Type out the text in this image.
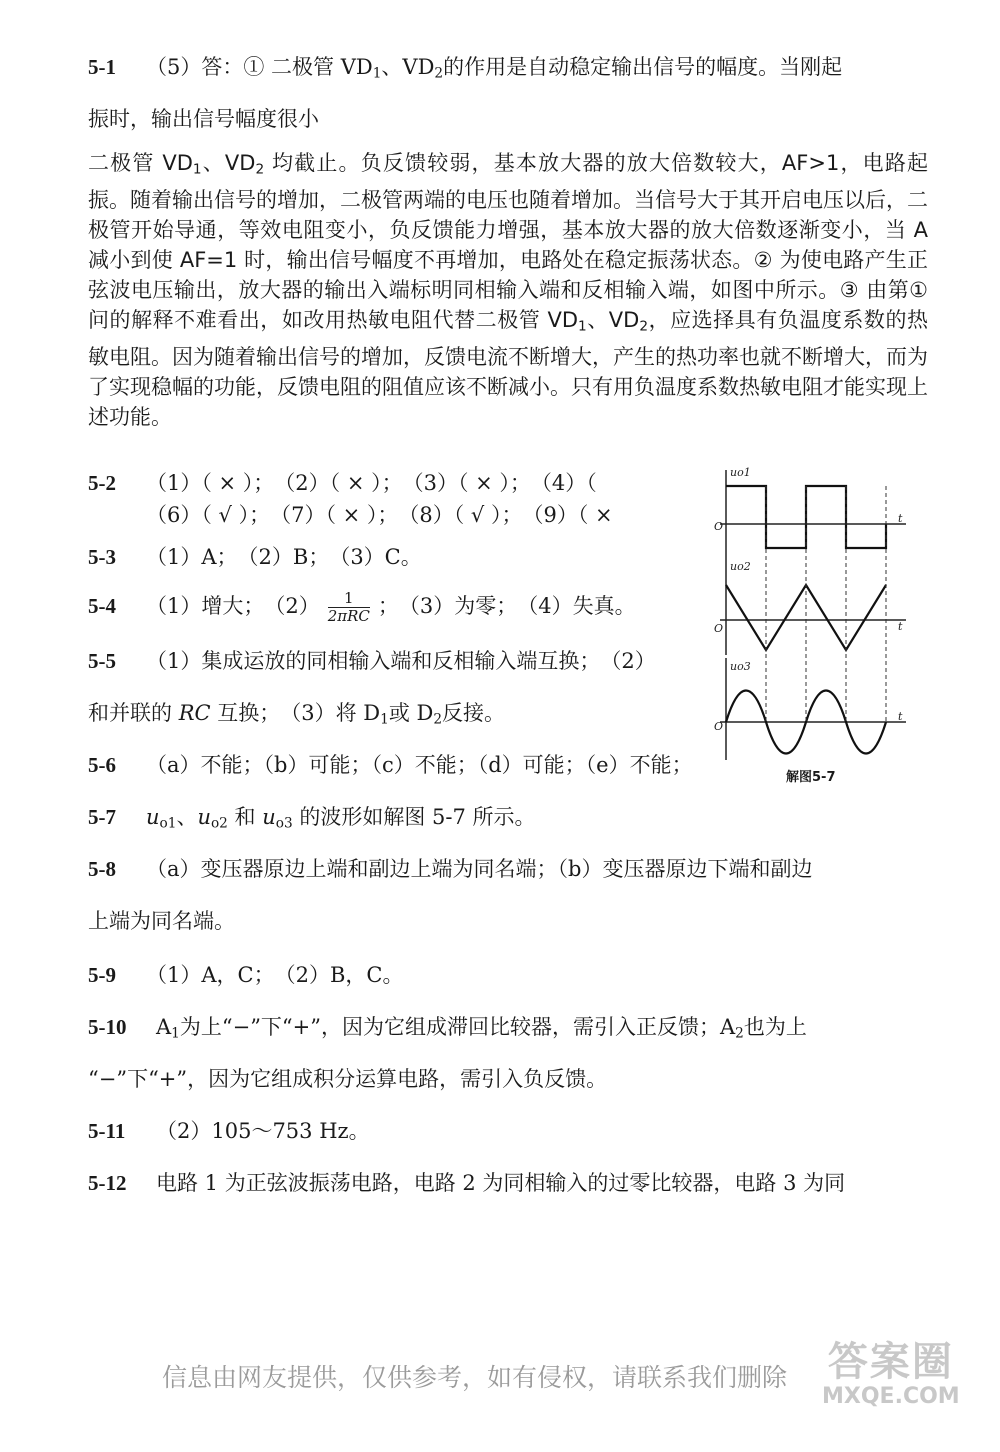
5-1 （5）答：① 二极管 $VD_1$、$VD_2$的作用是自动稳定输出信号的幅度。当刚起
振时，输出信号幅度很小
二极管 $VD_1$、$VD_2$ 均截止。负反馈较弱，基本放大器的放大倍数较大，AF>1，电路起振。随着输出信号的增加，二极管两端的电压也随着增加。当信号大于其开启电压以后，二极管开始导通，等效电阻变小，负反馈能力增强，基本放大器的放大倍数逐渐变小，当 A 减小到使 AF=1 时，输出信号幅度不再增加，电路处在稳定振荡状态。② 为使电路产生正弦波电压输出，放大器的输出入端标明同相输入端和反相输入端，如图中所示。③ 由第①问的解释不难看出，如改用热敏电阻代替二极管 $VD_1$、$VD_2$，应选择具有负温度系数的热敏电阻。因为随着输出信号的增加，反馈电流不断增大，产生的热功率也就不断增大，而为了实现稳幅的功能，反馈电阻的阻值应该不断减小。只有用负温度系数热敏电阻才能实现上述功能。
5-2 （1）（ × ）；　（2）（ × ）；　（3）（ × ）；　（4）（
（6）（ √ ）；　（7）（ × ）；　（8）（ √ ）；　（9）（ ×
5-3 （1）A；　（2）B；　（3）C。
5-4 （1）增大；　$(2) \frac{1}{\text{2πRC}}$ ；　（3）为零；　（4）失真。
5-5 （1）集成运放的同相输入端和反相输入端互换；　（2）
和并联的 RC 互换；　（3）将 $D_1$或 $D_2$反接。
5-6 （a）不能；（b）可能；（c）不能；（d）可能；（e）不能；
5-7 $u_{o1}$、$u_{o2}$ 和 $u_{o3}$ 的波形如解图 5-7 所示。
5-8 （a）变压器原边上端和副边上端为同名端；（b）变压器原边下端和副边
上端为同名端。
5-9 （1）A，C；　（2）B，C。
5-10 $A_1$为上“−”下“+”，因为它组成滞回比较器，需引入正反馈；$A_2$也为上
“−”下“+”，因为它组成积分运算电路，需引入负反馈。
5-11 （2）105～753 Hz。
5-12 电路 1 为正弦波振荡电路，电路 2 为同相输入的过零比较器，电路 3 为同
uo1
O
t
uo2
O	t
uo3
O
t
解图5-7
信息由网友提供，仅供参考，如有侵权，请联系我们删除 答案圈
MXQE.COM
